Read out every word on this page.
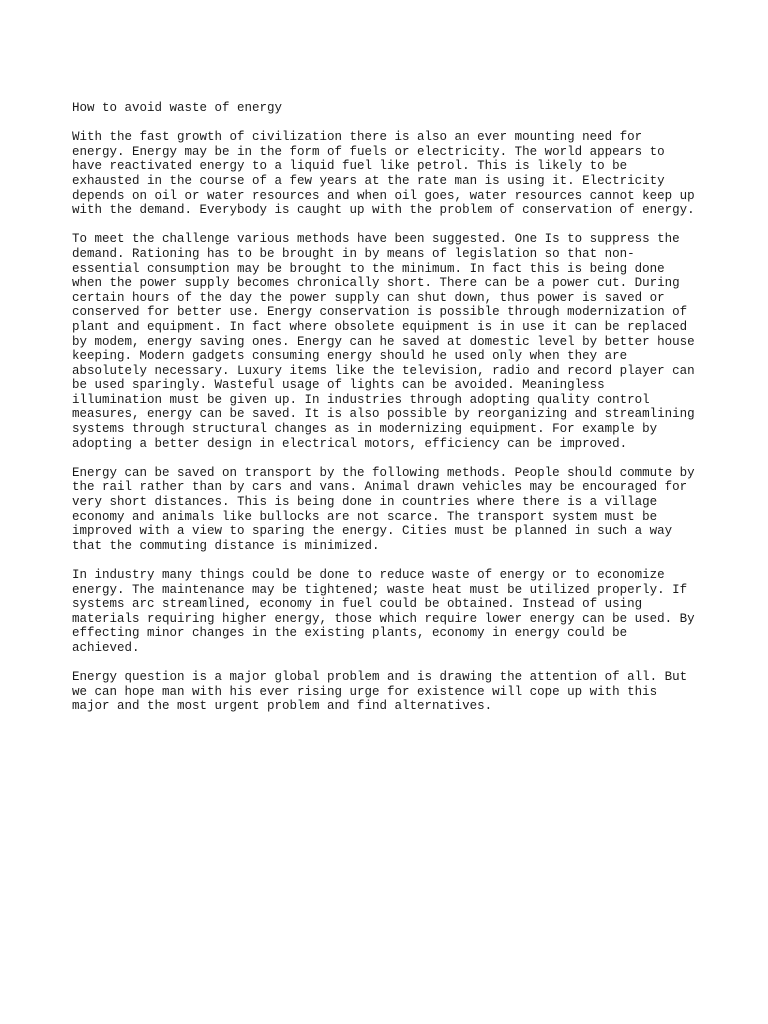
How to avoid waste of energy
With the fast growth of civilization there is also an ever mounting need for
energy. Energy may be in the form of fuels or electricity. The world appears to
have reactivated energy to a liquid fuel like petrol. This is likely to be
exhausted in the course of a few years at the rate man is using it. Electricity
depends on oil or water resources and when oil goes, water resources cannot keep up
with the demand. Everybody is caught up with the problem of conservation of energy.
To meet the challenge various methods have been suggested. One Is to suppress the
demand. Rationing has to be brought in by means of legislation so that non-
essential consumption may be brought to the minimum. In fact this is being done
when the power supply becomes chronically short. There can be a power cut. During
certain hours of the day the power supply can shut down, thus power is saved or
conserved for better use. Energy conservation is possible through modernization of
plant and equipment. In fact where obsolete equipment is in use it can be replaced
by modem, energy saving ones. Energy can he saved at domestic level by better house
keeping. Modern gadgets consuming energy should he used only when they are
absolutely necessary. Luxury items like the television, radio and record player can
be used sparingly. Wasteful usage of lights can be avoided. Meaningless
illumination must be given up. In industries through adopting quality control
measures, energy can be saved. It is also possible by reorganizing and streamlining
systems through structural changes as in modernizing equipment. For example by
adopting a better design in electrical motors, efficiency can be improved.
Energy can be saved on transport by the following methods. People should commute by
the rail rather than by cars and vans. Animal drawn vehicles may be encouraged for
very short distances. This is being done in countries where there is a village
economy and animals like bullocks are not scarce. The transport system must be
improved with a view to sparing the energy. Cities must be planned in such a way
that the commuting distance is minimized.
In industry many things could be done to reduce waste of energy or to economize
energy. The maintenance may be tightened; waste heat must be utilized properly. If
systems arc streamlined, economy in fuel could be obtained. Instead of using
materials requiring higher energy, those which require lower energy can be used. By
effecting minor changes in the existing plants, economy in energy could be
achieved.
Energy question is a major global problem and is drawing the attention of all. But
we can hope man with his ever rising urge for existence will cope up with this
major and the most urgent problem and find alternatives.
